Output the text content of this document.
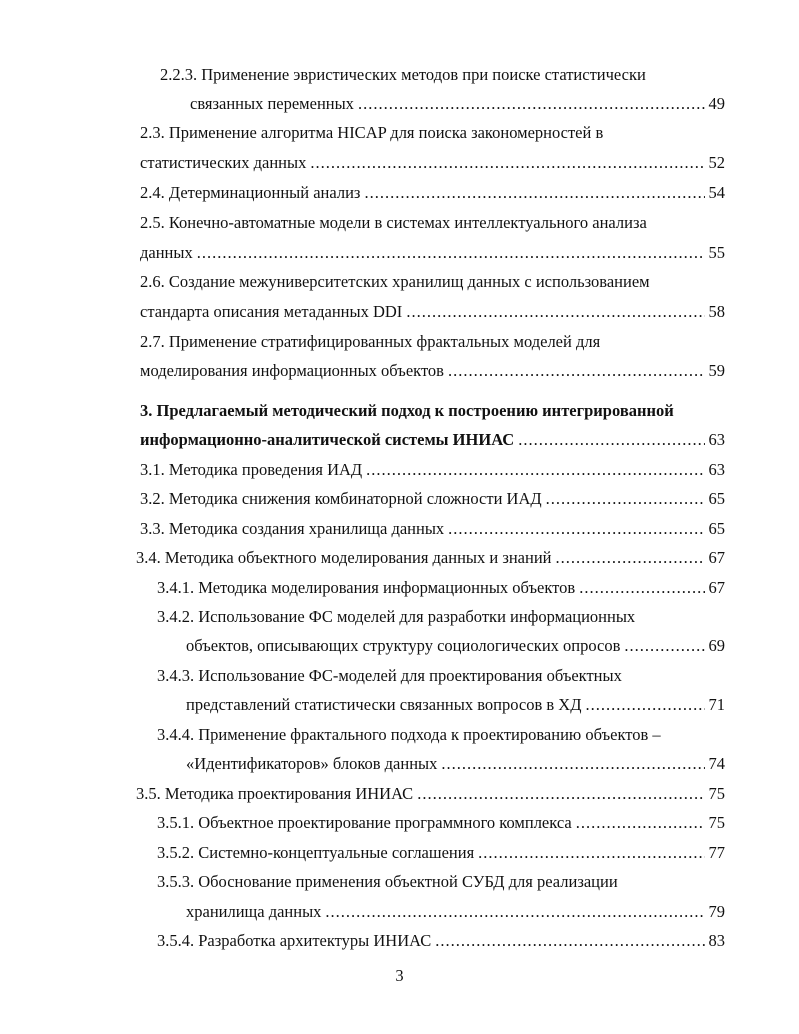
2.2.3. Применение эвристических методов при поиске статистически
связанных переменных .....	49
2.3. Применение алгоритма HICAP для поиска закономерностей в
статистических данных .....	52
2.4. Детерминационный анализ .....	54
2.5. Конечно-автоматные модели в системах интеллектуального анализа
данных .....	55
2.6. Создание межуниверситетских хранилищ данных с использованием
стандарта описания метаданных DDI .....	58
2.7. Применение стратифицированных фрактальных моделей для
моделирования информационных объектов .....	59
3. Предлагаемый методический подход к построению интегрированной
информационно-аналитической системы ИНИАС .....	63
3.1. Методика проведения ИАД .....	63
3.2. Методика снижения комбинаторной сложности ИАД .....	65
3.3. Методика создания хранилища данных .....	65
3.4. Методика объектного моделирования данных и знаний .....	67
3.4.1. Методика моделирования информационных объектов .....	67
3.4.2. Использование ФС моделей для разработки информационных
объектов, описывающих структуру социологических опросов .....	69
3.4.3. Использование ФС-моделей для проектирования объектных
представлений статистически связанных вопросов в ХД .....	71
3.4.4. Применение фрактального подхода к проектированию объектов –
«Идентификаторов» блоков данных .....	74
3.5. Методика проектирования ИНИАС .....	75
3.5.1. Объектное проектирование программного комплекса .....	75
3.5.2. Системно-концептуальные соглашения .....	77
3.5.3. Обоснование применения объектной СУБД для реализации
хранилища данных .....	79
3.5.4. Разработка архитектуры ИНИАС .....	83
3
